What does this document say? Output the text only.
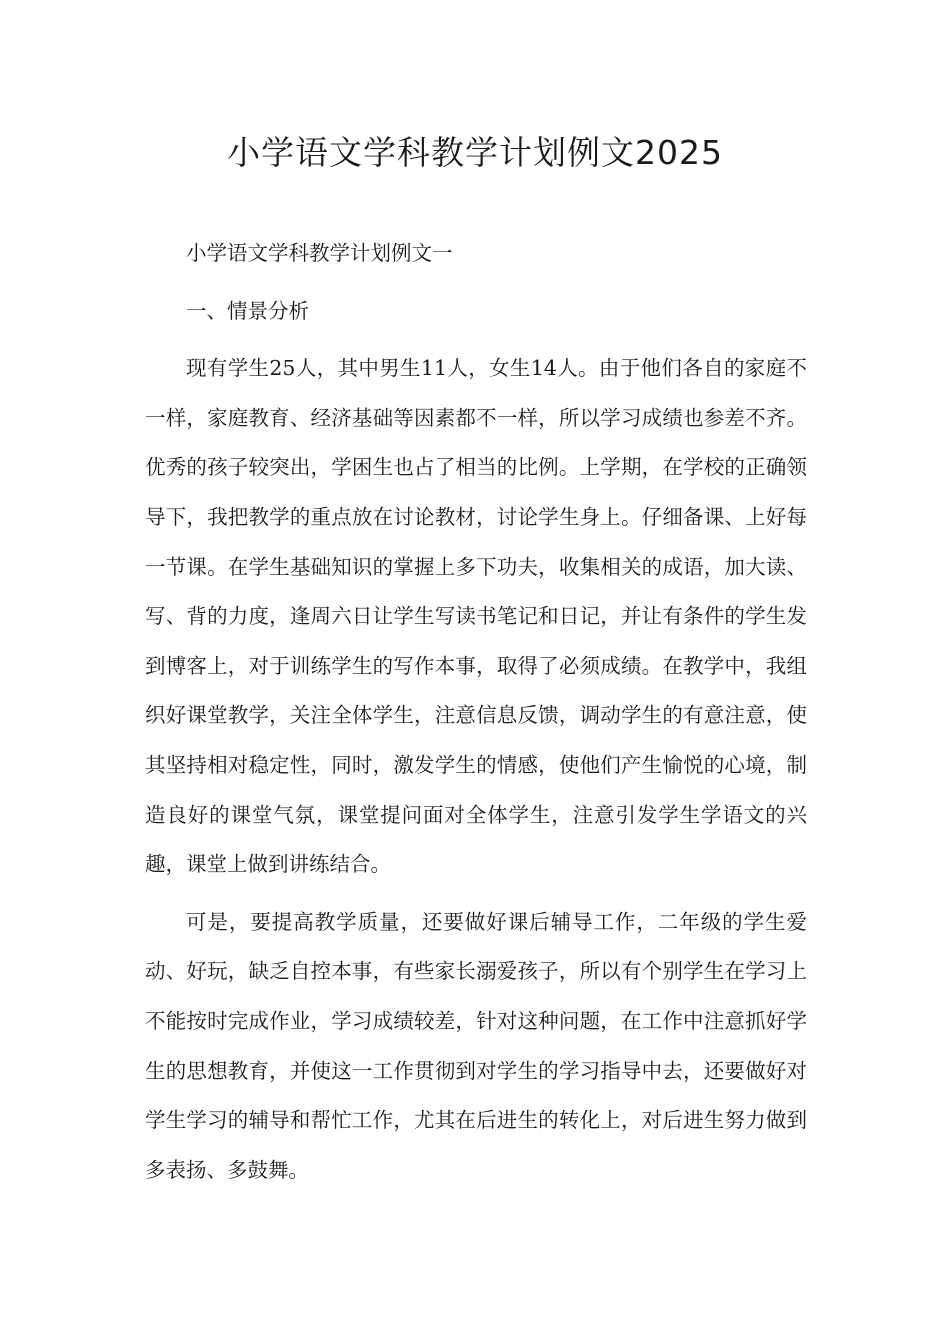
小学语文学科教学计划例文2025

小学语文学科教学计划例文一

一、情景分析

现有学生25人，其中男生11人，女生14人。由于他们各自的家庭不一样，家庭教育、经济基础等因素都不一样，所以学习成绩也参差不齐。优秀的孩子较突出，学困生也占了相当的比例。上学期，在学校的正确领导下，我把教学的重点放在讨论教材，讨论学生身上。仔细备课、上好每一节课。在学生基础知识的掌握上多下功夫，收集相关的成语，加大读、写、背的力度，逢周六日让学生写读书笔记和日记，并让有条件的学生发到博客上，对于训练学生的写作本事，取得了必须成绩。在教学中，我组织好课堂教学，关注全体学生，注意信息反馈，调动学生的有意注意，使其坚持相对稳定性，同时，激发学生的情感，使他们产生愉悦的心境，制造良好的课堂气氛，课堂提问面对全体学生，注意引发学生学语文的兴趣，课堂上做到讲练结合。

可是，要提高教学质量，还要做好课后辅导工作，二年级的学生爱动、好玩，缺乏自控本事，有些家长溺爱孩子，所以有个别学生在学习上不能按时完成作业，学习成绩较差，针对这种问题，在工作中注意抓好学生的思想教育，并使这一工作贯彻到对学生的学习指导中去，还要做好对学生学习的辅导和帮忙工作，尤其在后进生的转化上，对后进生努力做到多表扬、多鼓舞。
